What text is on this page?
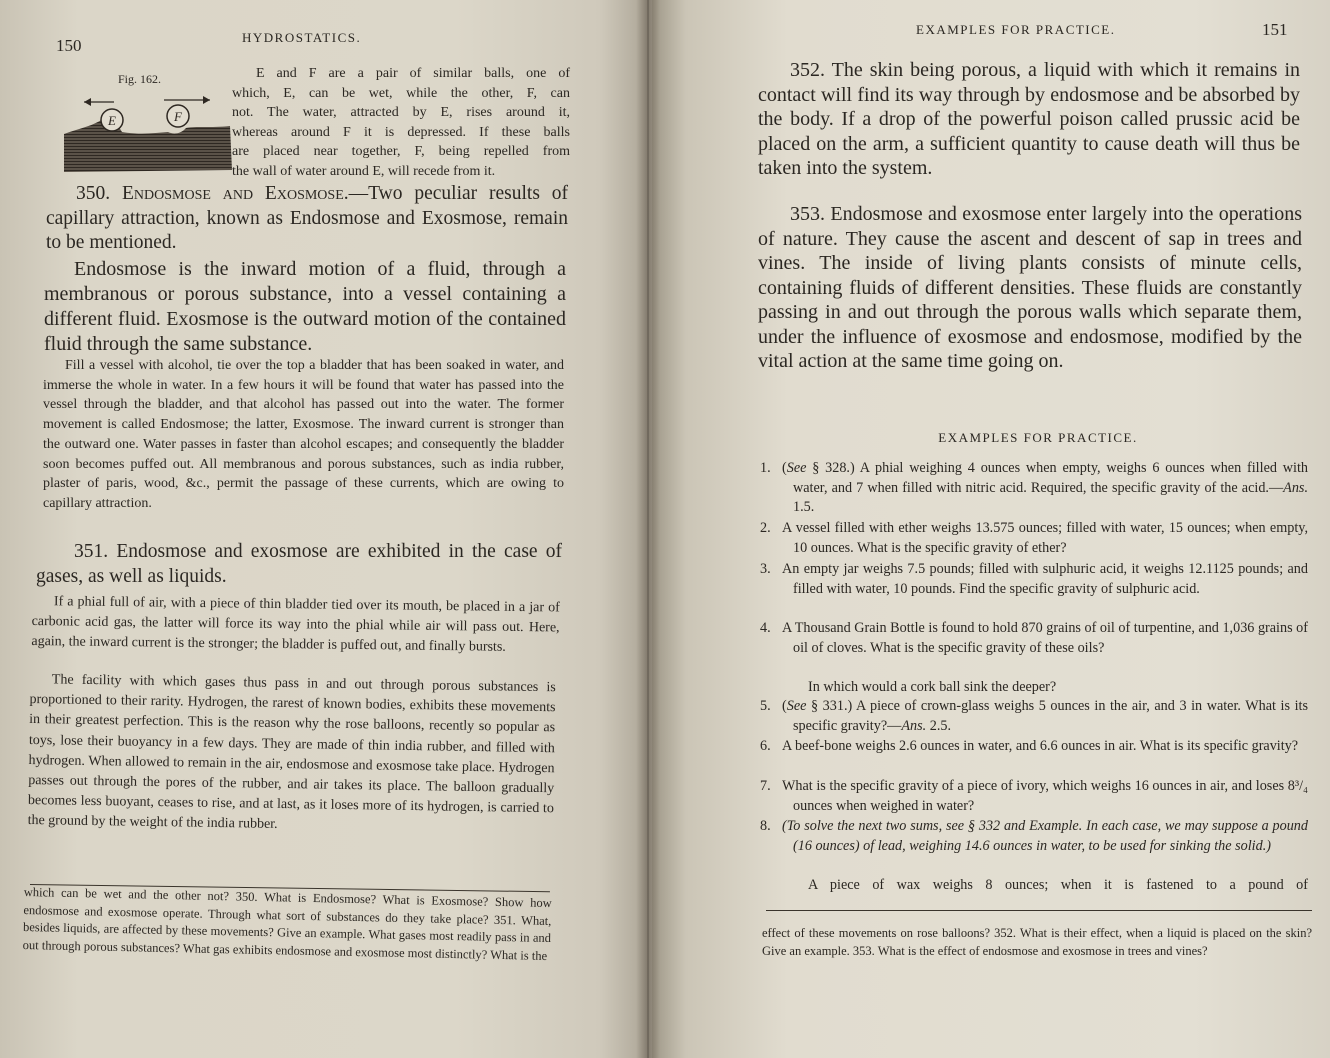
150	HYDROSTATICS.
Fig. 162.
E	F
E and F are a pair of similar balls, one of
which, E, can be wet, while the other, F, can
not. The water, attracted by E, rises around it,
whereas around F it is depressed. If these balls
are placed near together, F, being repelled from
the wall of water around E, will recede from it.
350. Endosmose and Exosmose.—Two peculiar results of capillary attraction, known as Endosmose and Exosmose, remain to be mentioned.
Endosmose is the inward motion of a fluid, through a membranous or porous substance, into a vessel containing a different fluid. Exosmose is the outward motion of the contained fluid through the same substance.
Fill a vessel with alcohol, tie over the top a bladder that has been soaked in water, and immerse the whole in water. In a few hours it will be found that water has passed into the vessel through the bladder, and that alcohol has passed out into the water. The former movement is called Endosmose; the latter, Exosmose. The inward current is stronger than the outward one. Water passes in faster than alcohol escapes; and consequently the bladder soon becomes puffed out. All membranous and porous substances, such as india rubber, plaster of paris, wood, &c., permit the passage of these currents, which are owing to capillary attraction.
351. Endosmose and exosmose are exhibited in the case of gases, as well as liquids.
If a phial full of air, with a piece of thin bladder tied over its mouth, be placed in a jar of carbonic acid gas, the latter will force its way into the phial while air will pass out. Here, again, the inward current is the stronger; the bladder is puffed out, and finally bursts.
The facility with which gases thus pass in and out through porous substances is proportioned to their rarity. Hydrogen, the rarest of known bodies, exhibits these movements in their greatest perfection. This is the reason why the rose balloons, recently so popular as toys, lose their buoyancy in a few days. They are made of thin india rubber, and filled with hydrogen. When allowed to remain in the air, endosmose and exosmose take place. Hydrogen passes out through the pores of the rubber, and air takes its place. The balloon gradually becomes less buoyant, ceases to rise, and at last, as it loses more of its hydrogen, is carried to the ground by the weight of the india rubber.
which can be wet and the other not? 350. What is Endosmose? What is Exosmose? Show how endosmose and exosmose operate. Through what sort of substances do they take place? 351. What, besides liquids, are affected by these movements? Give an example. What gases most readily pass in and out through porous substances? What gas exhibits endosmose and exosmose most distinctly? What is the
EXAMPLES FOR PRACTICE.	151
352. The skin being porous, a liquid with which it remains in contact will find its way through by endosmose and be absorbed by the body. If a drop of the powerful poison called prussic acid be placed on the arm, a sufficient quantity to cause death will thus be taken into the system.
353. Endosmose and exosmose enter largely into the operations of nature. They cause the ascent and descent of sap in trees and vines. The inside of living plants consists of minute cells, containing fluids of different densities. These fluids are constantly passing in and out through the porous walls which separate them, under the influence of exosmose and endosmose, modified by the vital action at the same time going on.
EXAMPLES FOR PRACTICE.
1. (See § 328.) A phial weighing 4 ounces when empty, weighs 6 ounces when filled with water, and 7 when filled with nitric acid. Required, the specific gravity of the acid.—Ans. 1.5.
2. A vessel filled with ether weighs 13.575 ounces; filled with water, 15 ounces; when empty, 10 ounces. What is the specific gravity of ether?
3. An empty jar weighs 7.5 pounds; filled with sulphuric acid, it weighs 12.1125 pounds; and filled with water, 10 pounds. Find the specific gravity of sulphuric acid.
4. A Thousand Grain Bottle is found to hold 870 grains of oil of turpentine, and 1,036 grains of oil of cloves. What is the specific gravity of these oils?
In which would a cork ball sink the deeper?
5. (See § 331.) A piece of crown-glass weighs 5 ounces in the air, and 3 in water. What is its specific gravity?—Ans. 2.5.
6. A beef-bone weighs 2.6 ounces in water, and 6.6 ounces in air. What is its specific gravity?
7. What is the specific gravity of a piece of ivory, which weighs 16 ounces in air, and loses 8³/₄ ounces when weighed in water?
8. (To solve the next two sums, see § 332 and Example. In each case, we may suppose a pound (16 ounces) of lead, weighing 14.6 ounces in water, to be used for sinking the solid.)
A piece of wax weighs 8 ounces; when it is fastened to a pound of
effect of these movements on rose balloons? 352. What is their effect, when a liquid is placed on the skin? Give an example. 353. What is the effect of endosmose and exosmose in trees and vines?
